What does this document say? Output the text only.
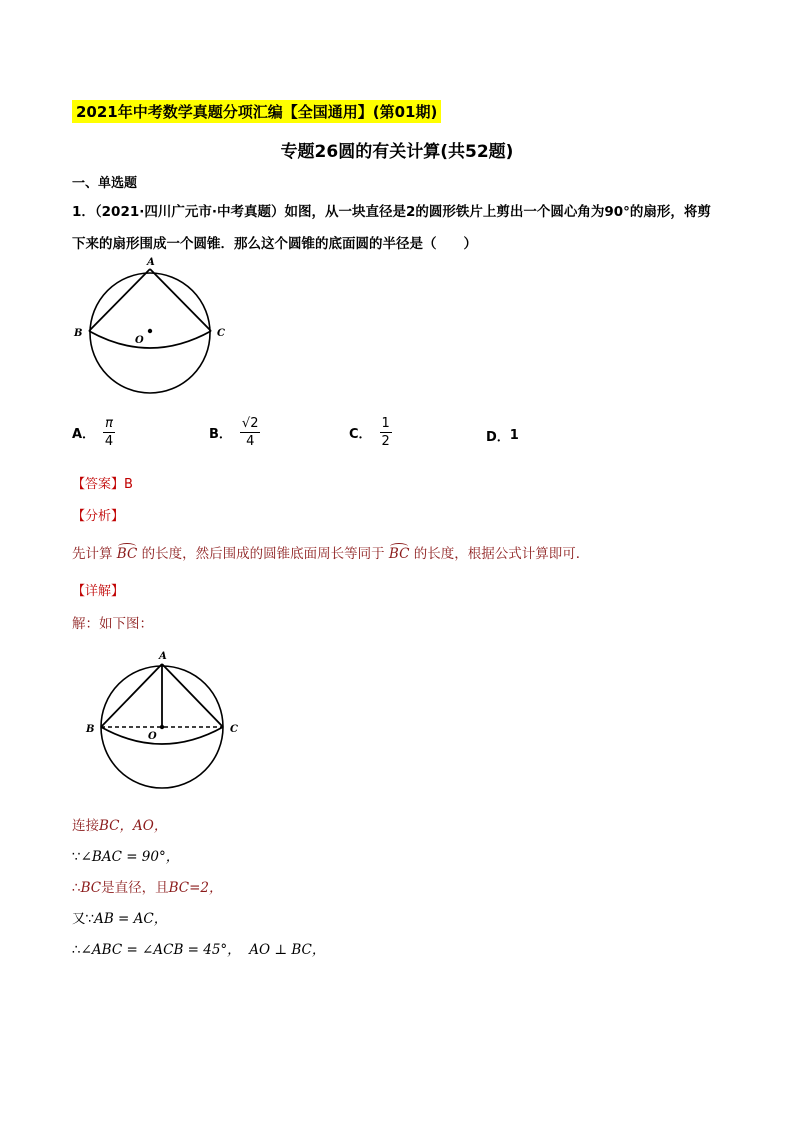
2021年中考数学真题分项汇编【全国通用】(第01期)
专题26圆的有关计算(共52题)
一、单选题
1．（2021·四川广元市·中考真题）如图，从一块直径是2的圆形铁片上剪出一个圆心角为90°的扇形，将剪
下来的扇形围成一个圆锥．那么这个圆锥的底面圆的半径是（　　）
A
B	C
O
A． $\frac{\pi}{4}$	B． $\frac{√2}{4}$	C． $\frac{1}{2}$	D． 1
【答案】B
【分析】
先计算 BC 的长度，然后围成的圆锥底面周长等同于 BC 的长度，根据公式计算即可．
【详解】
解：如下图：
A
B	C
O
连接BC，AO，
∵∠BAC = 90°，
∴BC是直径，且BC=2，
又∵AB = AC，
∴∠ABC = ∠ACB = 45°， AO ⊥ BC，
